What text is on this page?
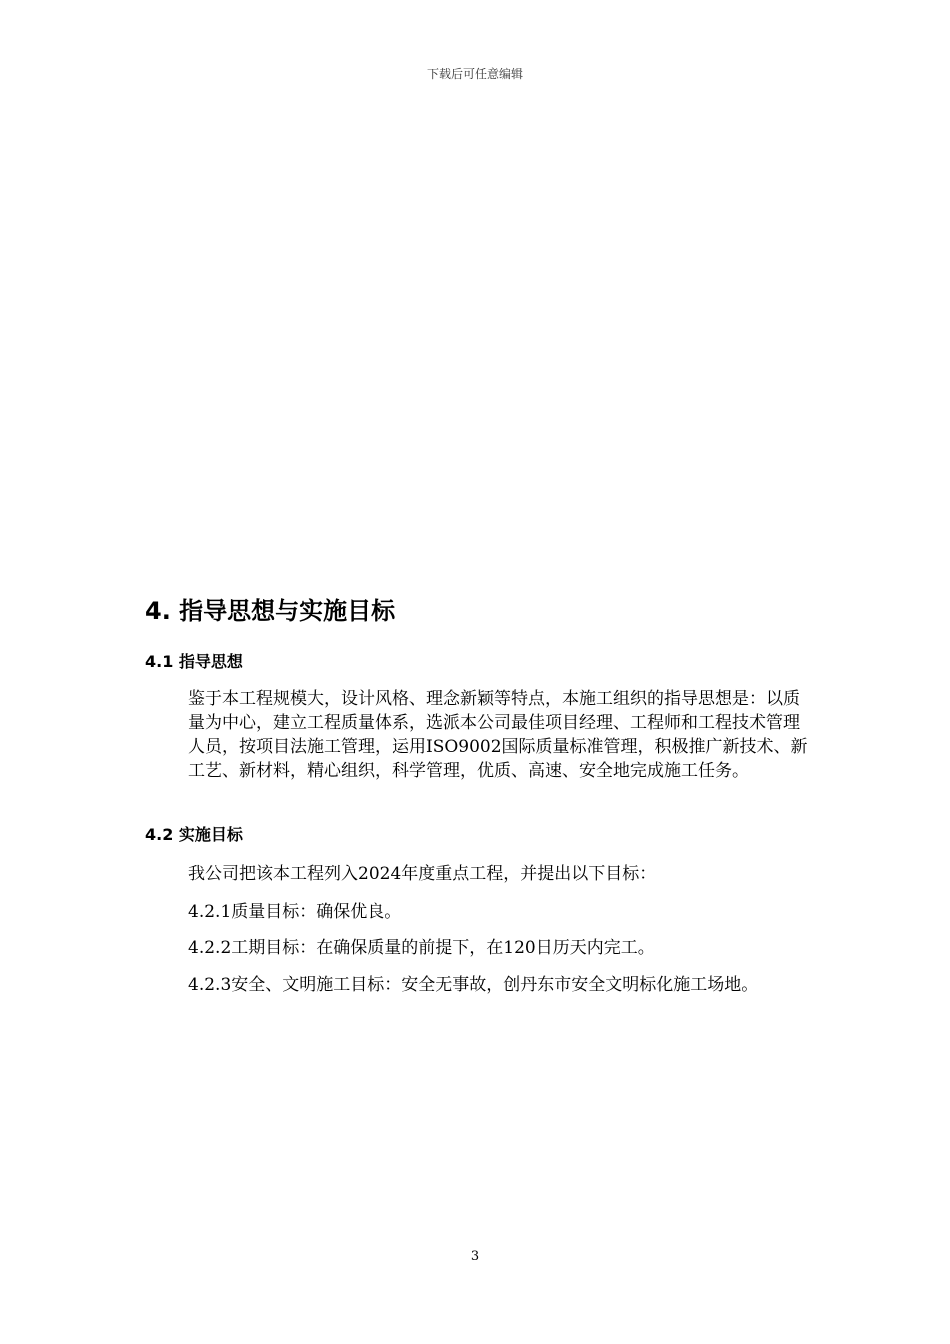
下载后可任意编辑
4. 指导思想与实施目标
4.1 指导思想

鉴于本工程规模大，设计风格、理念新颖等特点，本施工组织的指导思想是：以质量为中心，建立工程质量体系，选派本公司最佳项目经理、工程师和工程技术管理人员，按项目法施工管理，运用ISO9002国际质量标准管理，积极推广新技术、新工艺、新材料，精心组织，科学管理，优质、高速、安全地完成施工任务。

4.2 实施目标

我公司把该本工程列入2024年度重点工程，并提出以下目标：

4.2.1质量目标：确保优良。

4.2.2工期目标：在确保质量的前提下，在120日历天内完工。

4.2.3安全、文明施工目标：安全无事故，创丹东市安全文明标化施工场地。

3
